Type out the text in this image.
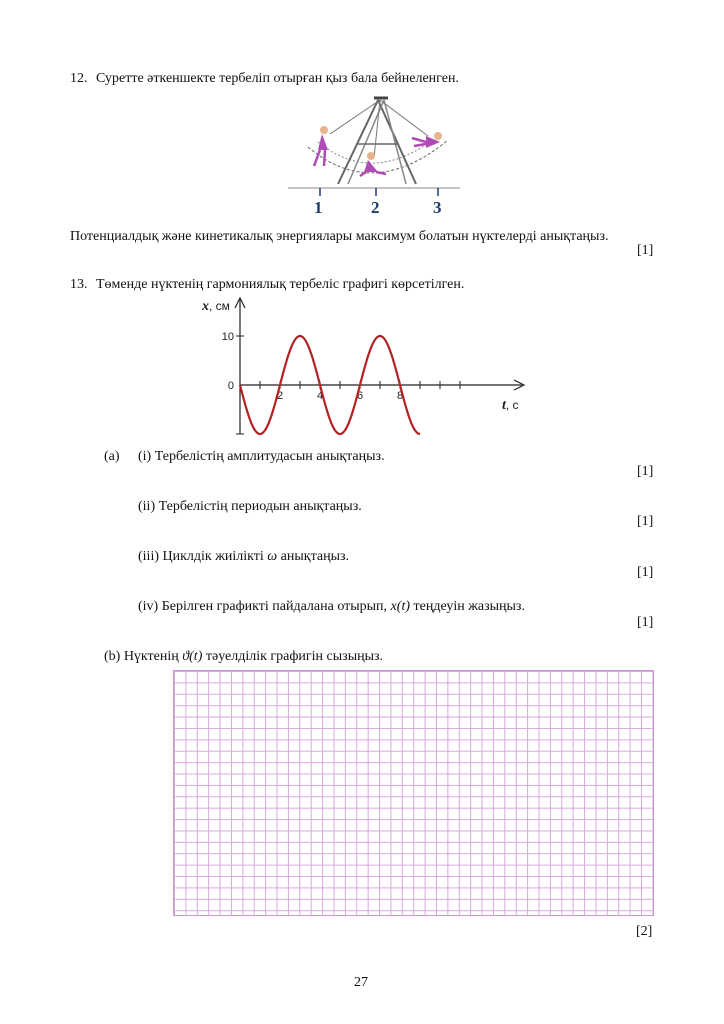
12. Суретте әткеншекте тербеліп отырған қыз бала бейнеленген.
1	2	3
Потенциалдық және кинетикалық энергиялары максимум болатын нүктелерді анықтаңыз.
[1]
13. Төменде нүктенің гармониялық тербеліс графигі көрсетілген.
2	4	6	8
10
0
x, см
t, с
(a) (i) Тербелістің амплитудасын анықтаңыз.
[1]
(ii) Тербелістің периодын анықтаңыз.
[1]
(iii) Циклдік жиілікті ω анықтаңыз.
[1]
(iv) Берілген графикті пайдалана отырып, x(t) теңдеуін жазыңыз.
[1]
(b) Нүктенің ϑ(t) тәуелділік графигін сызыңыз.
[2]
27
